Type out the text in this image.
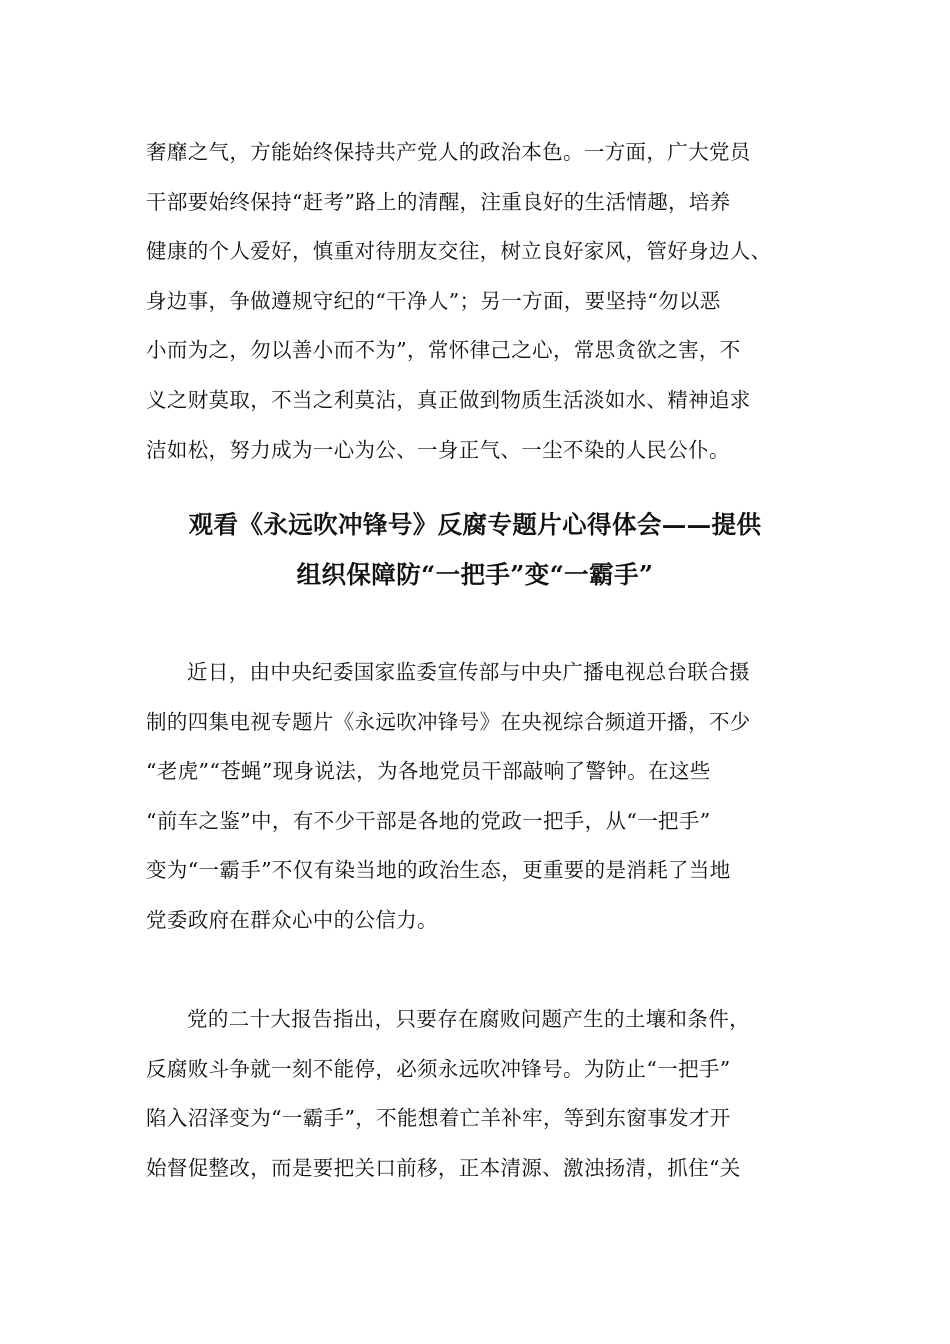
奢靡之气，方能始终保持共产党人的政治本色。一方面，广大党员
干部要始终保持“赶考”路上的清醒，注重良好的生活情趣，培养
健康的个人爱好，慎重对待朋友交往，树立良好家风，管好身边人、
身边事，争做遵规守纪的“干净人”；另一方面，要坚持“勿以恶
小而为之，勿以善小而不为”，常怀律己之心，常思贪欲之害，不
义之财莫取，不当之利莫沾，真正做到物质生活淡如水、精神追求
洁如松，努力成为一心为公、一身正气、一尘不染的人民公仆。
观看《永远吹冲锋号》反腐专题片心得体会——提供
组织保障防“一把手”变“一霸手”
近日，由中央纪委国家监委宣传部与中央广播电视总台联合摄
制的四集电视专题片《永远吹冲锋号》在央视综合频道开播，不少
“老虎”“苍蝇”现身说法，为各地党员干部敲响了警钟。在这些
“前车之鉴”中，有不少干部是各地的党政一把手，从“一把手”
变为“一霸手”不仅有染当地的政治生态，更重要的是消耗了当地
党委政府在群众心中的公信力。
党的二十大报告指出，只要存在腐败问题产生的土壤和条件，
反腐败斗争就一刻不能停，必须永远吹冲锋号。为防止“一把手”
陷入沼泽变为“一霸手”，不能想着亡羊补牢，等到东窗事发才开
始督促整改，而是要把关口前移，正本清源、激浊扬清，抓住“关
